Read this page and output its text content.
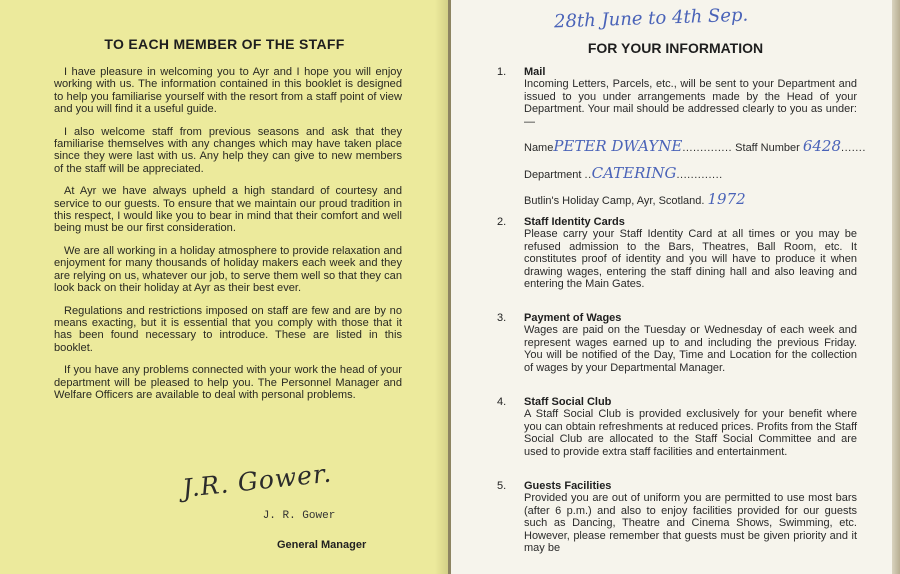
TO EACH MEMBER OF THE STAFF

I have pleasure in welcoming you to Ayr and I hope you will enjoy working with us. The information contained in this booklet is designed to help you familiarise yourself with the resort from a staff point of view and you will find it a useful guide.

I also welcome staff from previous seasons and ask that they familiarise themselves with any changes which may have taken place since they were last with us. Any help they can give to new members of the staff will be appreciated.

At Ayr we have always upheld a high standard of courtesy and service to our guests. To ensure that we maintain our proud tradition in this respect, I would like you to bear in mind that their comfort and well being must be our first consideration.

We are all working in a holiday atmosphere to provide relaxation and enjoyment for many thousands of holiday makers each week and they are relying on us, whatever our job, to serve them well so that they can look back on their holiday at Ayr as their best ever.

Regulations and restrictions imposed on staff are few and are by no means exacting, but it is essential that you comply with those that it has been found necessary to introduce. These are listed in this booklet.

If you have any problems connected with your work the head of your department will be pleased to help you. The Personnel Manager and Welfare Officers are available to deal with personal problems.

J.R. Gower.
J. R. Gower
General Manager
28th June to 4th Sep.
FOR YOUR INFORMATION
1. Mail

Incoming Letters, Parcels, etc., will be sent to your Department and issued to you under arrangements made by the Head of your Department. Your mail should be addressed clearly to you as under:—

NamePETER DWAYNE.............. Staff Number 6428.......
Department ..CATERING.............
Butlin's Holiday Camp, Ayr, Scotland. 1972
2. Staff Identity Cards

Please carry your Staff Identity Card at all times or you may be refused admission to the Bars, Theatres, Ball Room, etc. It constitutes proof of identity and you will have to produce it when drawing wages, entering the staff dining hall and also leaving and entering the Main Gates.

3. Payment of Wages

Wages are paid on the Tuesday or Wednesday of each week and represent wages earned up to and including the previous Friday. You will be notified of the Day, Time and Location for the collection of wages by your Departmental Manager.

4. Staff Social Club

A Staff Social Club is provided exclusively for your benefit where you can obtain refreshments at reduced prices. Profits from the Staff Social Club are allocated to the Staff Social Committee and are used to provide extra staff facilities and entertainment.

5. Guests Facilities

Provided you are out of uniform you are permitted to use most bars (after 6 p.m.) and also to enjoy facilities provided for our guests such as Dancing, Theatre and Cinema Shows, Swimming, etc. However, please remember that guests must be given priority and it may be
